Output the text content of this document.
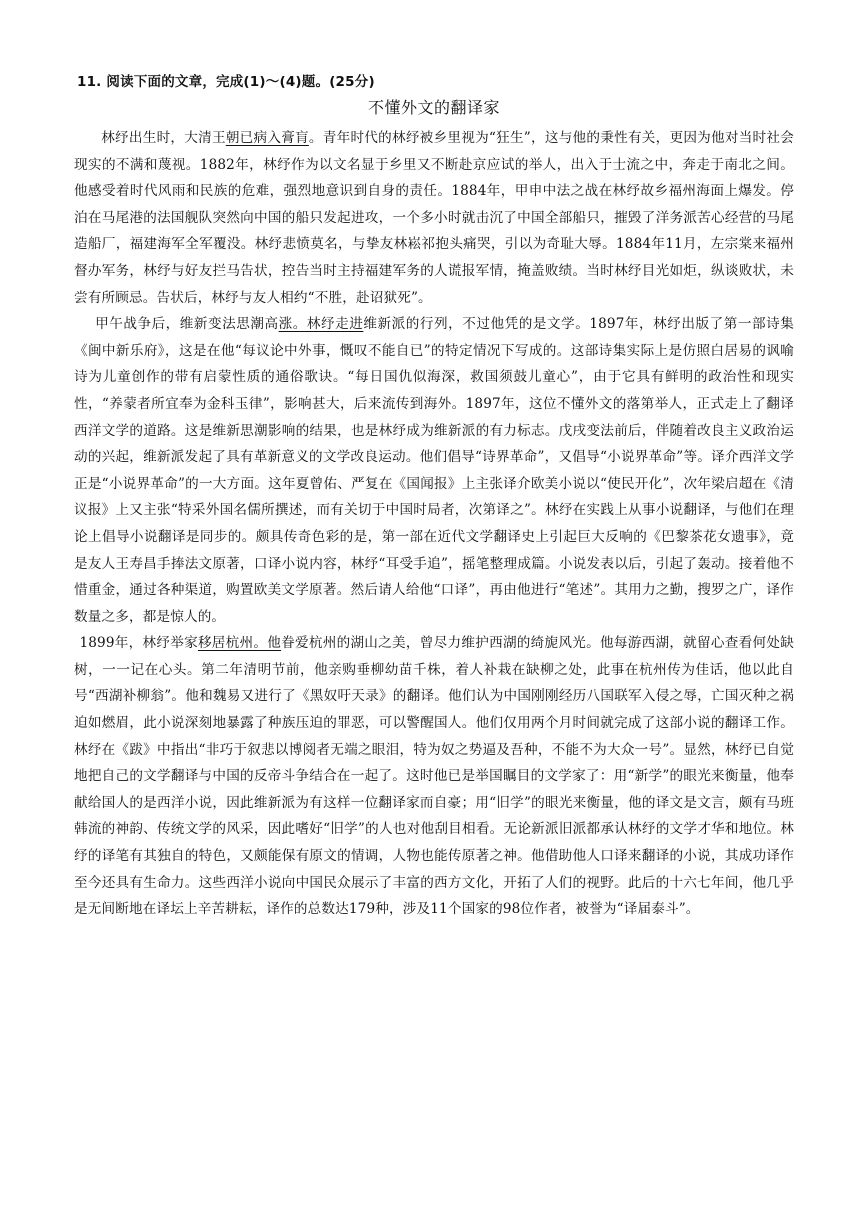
11. 阅读下面的文章，完成(1)～(4)题。(25分)

不懂外文的翻译家

林纾出生时，大清王朝已病入膏肓。青年时代的林纾被乡里视为“狂生”，这与他的秉性有关，更因为他对当时社会现实的不满和蔑视。1882年，林纾作为以文名显于乡里又不断赴京应试的举人，出入于士流之中，奔走于南北之间。他感受着时代风雨和民族的危难，强烈地意识到自身的责任。1884年，甲申中法之战在林纾故乡福州海面上爆发。停泊在马尾港的法国舰队突然向中国的船只发起进攻，一个多小时就击沉了中国全部船只，摧毁了洋务派苦心经营的马尾造船厂，福建海军全军覆没。林纾悲愤莫名，与挚友林崧祁抱头痛哭，引以为奇耻大辱。1884年11月，左宗棠来福州督办军务，林纾与好友拦马告状，控告当时主持福建军务的人谎报军情，掩盖败绩。当时林纾目光如炬，纵谈败状，未尝有所顾忌。告状后，林纾与友人相约“不胜，赴诏狱死”。

甲午战争后，维新变法思潮高涨。林纾走进维新派的行列，不过他凭的是文学。1897年，林纾出版了第一部诗集《闽中新乐府》，这是在他“每议论中外事，慨叹不能自已”的特定情况下写成的。这部诗集实际上是仿照白居易的讽喻诗为儿童创作的带有启蒙性质的通俗歌诀。“每日国仇似海深，救国须鼓儿童心”，由于它具有鲜明的政治性和现实性，“养蒙者所宜奉为金科玉律”，影响甚大，后来流传到海外。1897年，这位不懂外文的落第举人，正式走上了翻译西洋文学的道路。这是维新思潮影响的结果，也是林纾成为维新派的有力标志。戊戌变法前后，伴随着改良主义政治运动的兴起，维新派发起了具有革新意义的文学改良运动。他们倡导“诗界革命”，又倡导“小说界革命”等。译介西洋文学正是“小说界革命”的一大方面。这年夏曾佑、严复在《国闻报》上主张译介欧美小说以“使民开化”，次年梁启超在《清议报》上又主张“特采外国名儒所撰述，而有关切于中国时局者，次第译之”。林纾在实践上从事小说翻译，与他们在理论上倡导小说翻译是同步的。颇具传奇色彩的是，第一部在近代文学翻译史上引起巨大反响的《巴黎茶花女遗事》，竟是友人王寿昌手捧法文原著，口译小说内容，林纾“耳受手追”，摇笔整理成篇。小说发表以后，引起了轰动。接着他不惜重金，通过各种渠道，购置欧美文学原著。然后请人给他“口译”，再由他进行“笔述”。其用力之勤，搜罗之广，译作数量之多，都是惊人的。

1899年，林纾举家移居杭州。他眷爱杭州的湖山之美，曾尽力维护西湖的绮旎风光。他每游西湖，就留心查看何处缺树，一一记在心头。第二年清明节前，他亲购垂柳幼苗千株，着人补栽在缺柳之处，此事在杭州传为佳话，他以此自号“西湖补柳翁”。他和魏易又进行了《黑奴吁天录》的翻译。他们认为中国刚刚经历八国联军入侵之辱，亡国灭种之祸迫如燃眉，此小说深刻地暴露了种族压迫的罪恶，可以警醒国人。他们仅用两个月时间就完成了这部小说的翻译工作。林纾在《跋》中指出“非巧于叙悲以博阅者无端之眼泪，特为奴之势逼及吾种，不能不为大众一号”。显然，林纾已自觉地把自己的文学翻译与中国的反帝斗争结合在一起了。这时他已是举国瞩目的文学家了：用“新学”的眼光来衡量，他奉献给国人的是西洋小说，因此维新派为有这样一位翻译家而自豪；用“旧学”的眼光来衡量，他的译文是文言，颇有马班韩流的神韵、传统文学的风采，因此嗜好“旧学”的人也对他刮目相看。无论新派旧派都承认林纾的文学才华和地位。林纾的译笔有其独自的特色，又颇能保有原文的情调，人物也能传原著之神。他借助他人口译来翻译的小说，其成功译作至今还具有生命力。这些西洋小说向中国民众展示了丰富的西方文化，开拓了人们的视野。此后的十六七年间，他几乎是无间断地在译坛上辛苦耕耘，译作的总数达179种，涉及11个国家的98位作者，被誉为“译届泰斗”。
